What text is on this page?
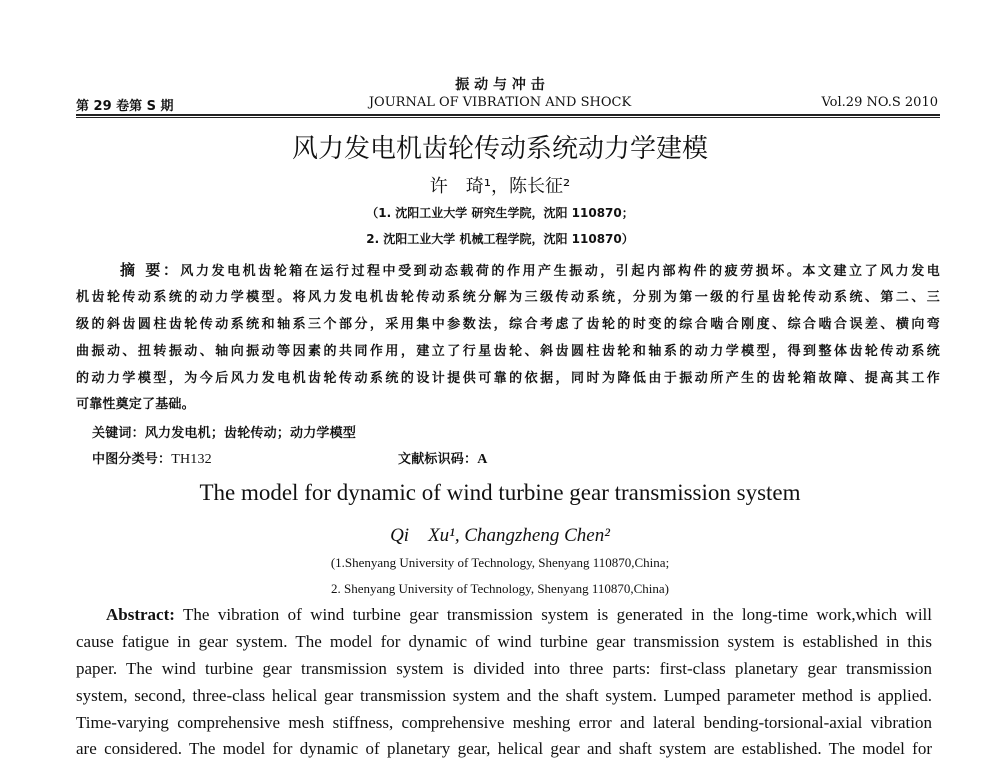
振 动 与 冲 击
第 29 卷第 S 期	JOURNAL OF VIBRATION AND SHOCK	Vol.29 NO.S 2010
风力发电机齿轮传动系统动力学建模
许　琦¹，陈长征²
（1. 沈阳工业大学 研究生学院，沈阳 110870；
2. 沈阳工业大学 机械工程学院，沈阳 110870）
摘 要：风力发电机齿轮箱在运行过程中受到动态载荷的作用产生振动，引起内部构件的疲劳损坏。本文建立了风力发电
机齿轮传动系统的动力学模型。将风力发电机齿轮传动系统分解为三级传动系统，分别为第一级的行星齿轮传动系统、第二、三
级的斜齿圆柱齿轮传动系统和轴系三个部分，采用集中参数法，综合考虑了齿轮的时变的综合啮合刚度、综合啮合误差、横向弯
曲振动、扭转振动、轴向振动等因素的共同作用，建立了行星齿轮、斜齿圆柱齿轮和轴系的动力学模型，得到整体齿轮传动系统
的动力学模型，为今后风力发电机齿轮传动系统的设计提供可靠的依据，同时为降低由于振动所产生的齿轮箱故障、提高其工作
可靠性奠定了基础。
关键词：风力发电机；齿轮传动；动力学模型
中图分类号：TH132	文献标识码：A
The model for dynamic of wind turbine gear transmission system
Qi　Xu¹, Changzheng Chen²
(1.Shenyang University of Technology, Shenyang 110870,China;
2. Shenyang University of Technology, Shenyang 110870,China)
Abstract: The vibration of wind turbine gear transmission system is generated in the long-time work,which will
cause fatigue in gear system. The model for dynamic of wind turbine gear transmission system is established in this
paper. The wind turbine gear transmission system is divided into three parts: first-class planetary gear transmission
system, second, three-class helical gear transmission system and the shaft system. Lumped parameter method is applied.
Time-varying comprehensive mesh stiffness, comprehensive meshing error and lateral bending-torsional-axial vibration
are considered. The model for dynamic of planetary gear, helical gear and shaft system are established. The model for
